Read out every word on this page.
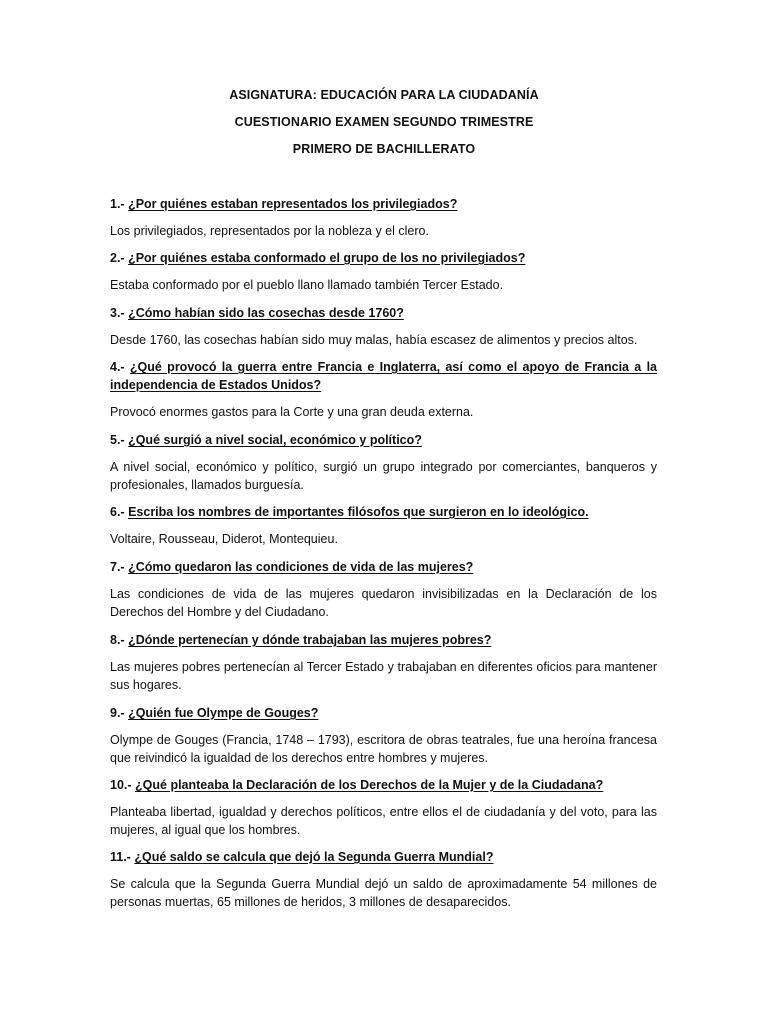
ASIGNATURA: EDUCACIÓN PARA LA CIUDADANÍA
CUESTIONARIO EXAMEN SEGUNDO TRIMESTRE
PRIMERO DE BACHILLERATO

1.- ¿Por quiénes estaban representados los privilegiados?

Los privilegiados, representados por la nobleza y el clero.

2.- ¿Por quiénes estaba conformado el grupo de los no privilegiados?

Estaba conformado por el pueblo llano llamado también Tercer Estado.

3.- ¿Cómo habían sido las cosechas desde 1760?

Desde 1760, las cosechas habían sido muy malas, había escasez de alimentos y precios altos.

4.- ¿Qué provocó la guerra entre Francia e Inglaterra, así como el apoyo de Francia a la independencia de Estados Unidos?

Provocó enormes gastos para la Corte y una gran deuda externa.

5.- ¿Qué surgió a nivel social, económico y político?

A nivel social, económico y político, surgió un grupo integrado por comerciantes, banqueros y profesionales, llamados burguesía.

6.- Escriba los nombres de importantes filósofos que surgieron en lo ideológico.

Voltaire, Rousseau, Diderot, Montequieu.

7.- ¿Cómo quedaron las condiciones de vida de las mujeres?

Las condiciones de vida de las mujeres quedaron invisibilizadas en la Declaración de los Derechos del Hombre y del Ciudadano.

8.- ¿Dónde pertenecían y dónde trabajaban las mujeres pobres?

Las mujeres pobres pertenecían al Tercer Estado y trabajaban en diferentes oficios para mantener sus hogares.

9.- ¿Quién fue Olympe de Gouges?

Olympe de Gouges (Francia, 1748 – 1793), escritora de obras teatrales, fue una heroína francesa que reivindicó la igualdad de los derechos entre hombres y mujeres.

10.- ¿Qué planteaba la Declaración de los Derechos de la Mujer y de la Ciudadana?

Planteaba libertad, igualdad y derechos políticos, entre ellos el de ciudadanía y del voto, para las mujeres, al igual que los hombres.

11.- ¿Qué saldo se calcula que dejó la Segunda Guerra Mundial?

Se calcula que la Segunda Guerra Mundial dejó un saldo de aproximadamente 54 millones de personas muertas, 65 millones de heridos, 3 millones de desaparecidos.
